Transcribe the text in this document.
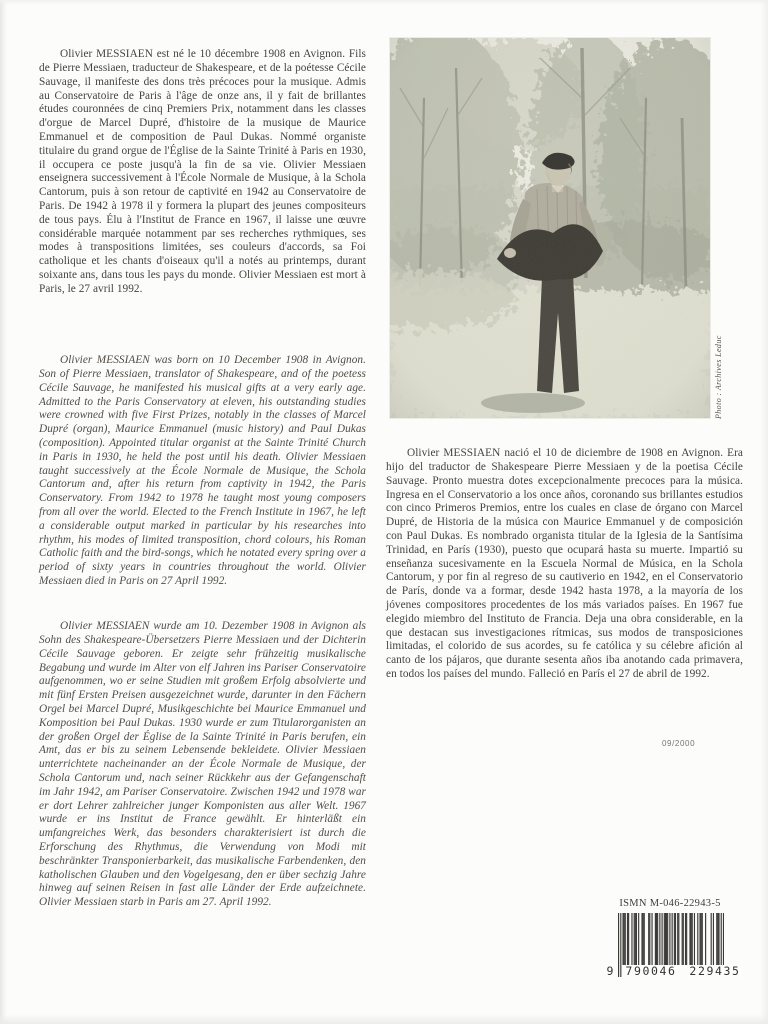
Olivier MESSIAEN est né le 10 décembre 1908 en Avignon. Fils de Pierre Messiaen, traducteur de Shakespeare, et de la poétesse Cécile Sauvage, il manifeste des dons très précoces pour la musique. Admis au Conservatoire de Paris à l'âge de onze ans, il y fait de brillantes études couronnées de cinq Premiers Prix, notamment dans les classes d'orgue de Marcel Dupré, d'histoire de la musique de Maurice Emmanuel et de composition de Paul Dukas. Nommé organiste titulaire du grand orgue de l'Église de la Sainte Trinité à Paris en 1930, il occupera ce poste jusqu'à la fin de sa vie. Olivier Messiaen enseignera successivement à l'École Normale de Musique, à la Schola Cantorum, puis à son retour de captivité en 1942 au Conservatoire de Paris. De 1942 à 1978 il y formera la plupart des jeunes compositeurs de tous pays. Élu à l'Institut de France en 1967, il laisse une œuvre considérable marquée notamment par ses recherches rythmiques, ses modes à transpositions limitées, ses couleurs d'accords, sa Foi catholique et les chants d'oiseaux qu'il a notés au printemps, durant soixante ans, dans tous les pays du monde. Olivier Messiaen est mort à Paris, le 27 avril 1992.

Olivier MESSIAEN was born on 10 December 1908 in Avignon. Son of Pierre Messiaen, translator of Shakespeare, and of the poetess Cécile Sauvage, he manifested his musical gifts at a very early age. Admitted to the Paris Conservatory at eleven, his outstanding studies were crowned with five First Prizes, notably in the classes of Marcel Dupré (organ), Maurice Emmanuel (music history) and Paul Dukas (composition). Appointed titular organist at the Sainte Trinité Church in Paris in 1930, he held the post until his death. Olivier Messiaen taught successively at the École Normale de Musique, the Schola Cantorum and, after his return from captivity in 1942, the Paris Conservatory. From 1942 to 1978 he taught most young composers from all over the world. Elected to the French Institute in 1967, he left a considerable output marked in particular by his researches into rhythm, his modes of limited transposition, chord colours, his Roman Catholic faith and the bird-songs, which he notated every spring over a period of sixty years in countries throughout the world. Olivier Messiaen died in Paris on 27 April 1992.

Olivier MESSIAEN wurde am 10. Dezember 1908 in Avignon als Sohn des Shakespeare-Übersetzers Pierre Messiaen und der Dichterin Cécile Sauvage geboren. Er zeigte sehr frühzeitig musikalische Begabung und wurde im Alter von elf Jahren ins Pariser Conservatoire aufgenommen, wo er seine Studien mit großem Erfolg absolvierte und mit fünf Ersten Preisen ausgezeichnet wurde, darunter in den Fächern Orgel bei Marcel Dupré, Musikgeschichte bei Maurice Emmanuel und Komposition bei Paul Dukas. 1930 wurde er zum Titularorganisten an der großen Orgel der Église de la Sainte Trinité in Paris berufen, ein Amt, das er bis zu seinem Lebensende bekleidete. Olivier Messiaen unterrichtete nacheinander an der École Normale de Musique, der Schola Cantorum und, nach seiner Rückkehr aus der Gefangenschaft im Jahr 1942, am Pariser Conservatoire. Zwischen 1942 und 1978 war er dort Lehrer zahlreicher junger Komponisten aus aller Welt. 1967 wurde er ins Institut de France gewählt. Er hinterläßt ein umfangreiches Werk, das besonders charakterisiert ist durch die Erforschung des Rhythmus, die Verwendung von Modi mit beschränkter Transponierbarkeit, das musikalische Farbendenken, den katholischen Glauben und den Vogelgesang, den er über sechzig Jahre hinweg auf seinen Reisen in fast alle Länder der Erde aufzeichnete. Olivier Messiaen starb in Paris am 27. April 1992.

Olivier MESSIAEN nació el 10 de diciembre de 1908 en Avignon. Era hijo del traductor de Shakespeare Pierre Messiaen y de la poetisa Cécile Sauvage. Pronto muestra dotes excepcionalmente precoces para la música. Ingresa en el Conservatorio a los once años, coronando sus brillantes estudios con cinco Primeros Premios, entre los cuales en clase de órgano con Marcel Dupré, de Historia de la música con Maurice Emmanuel y de composición con Paul Dukas. Es nombrado organista titular de la Iglesia de la Santísima Trinidad, en París (1930), puesto que ocupará hasta su muerte. Impartió su enseñanza sucesivamente en la Escuela Normal de Música, en la Schola Cantorum, y por fin al regreso de su cautiverio en 1942, en el Conservatorio de París, donde va a formar, desde 1942 hasta 1978, a la mayoría de los jóvenes compositores procedentes de los más variados países. En 1967 fue elegido miembro del Instituto de Francia. Deja una obra considerable, en la que destacan sus investigaciones rítmicas, sus modos de transposiciones limitadas, el colorido de sus acordes, su fe católica y su célebre afición al canto de los pájaros, que durante sesenta años iba anotando cada primavera, en todos los países del mundo. Falleció en París el 27 de abril de 1992.

Photo : Archives Leduc
09/2000
ISMN M-046-22943-5
9 790046 229435
